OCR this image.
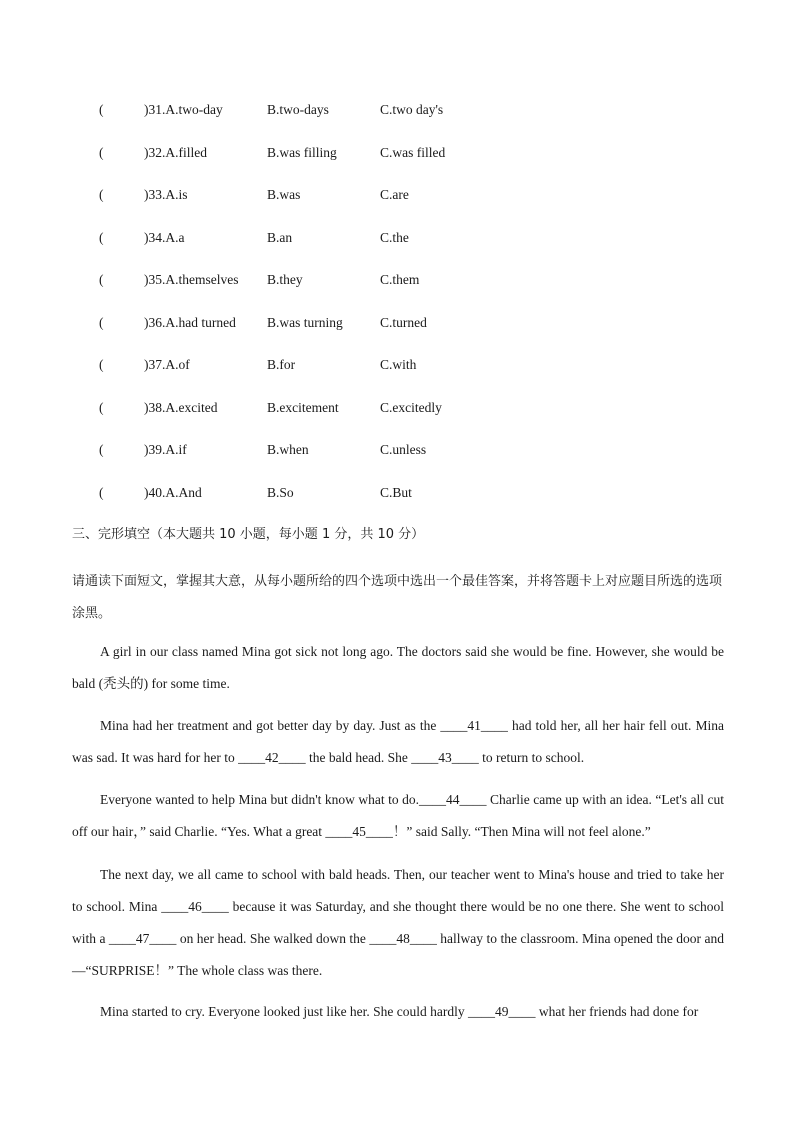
(	)31.A.two-day	B.two-days	C.two day's
(	)32.A.filled	B.was filling	C.was filled
(	)33.A.is	B.was	C.are
(	)34.A.a	B.an	C.the
(	)35.A.themselves B.they	C.them
(	)36.A.had turned B.was turning	C.turned
(	)37.A.of	B.for	C.with
(	)38.A.excited	B.excitement	C.excitedly
(	)39.A.if	B.when	C.unless
(	)40.A.And	B.So	C.But
三、完形填空（本大题共 10 小题，每小题 1 分，共 10 分）
请通读下面短文，掌握其大意，从每小题所给的四个选项中选出一个最佳答案，并将答题卡上对应题目所选的选项涂黑。

A girl in our class named Mina got sick not long ago. The doctors said she would be fine. However, she would be bald (秃头的) for some time.

Mina had her treatment and got better day by day. Just as the ____41____ had told her, all her hair fell out. Mina was sad. It was hard for her to ____42____ the bald head. She ____43____ to return to school.

Everyone wanted to help Mina but didn't know what to do.____44____ Charlie came up with an idea. “Let's all cut off our hair，” said Charlie. “Yes. What a great ____45____！” said Sally. “Then Mina will not feel alone.”

The next day, we all came to school with bald heads. Then, our teacher went to Mina's house and tried to take her to school. Mina ____46____ because it was Saturday, and she thought there would be no one there. She went to school with a ____47____ on her head. She walked down the ____48____ hallway to the classroom. Mina opened the door and—“SURPRISE！” The whole class was there.

Mina started to cry. Everyone looked just like her. She could hardly ____49____ what her friends had done for
